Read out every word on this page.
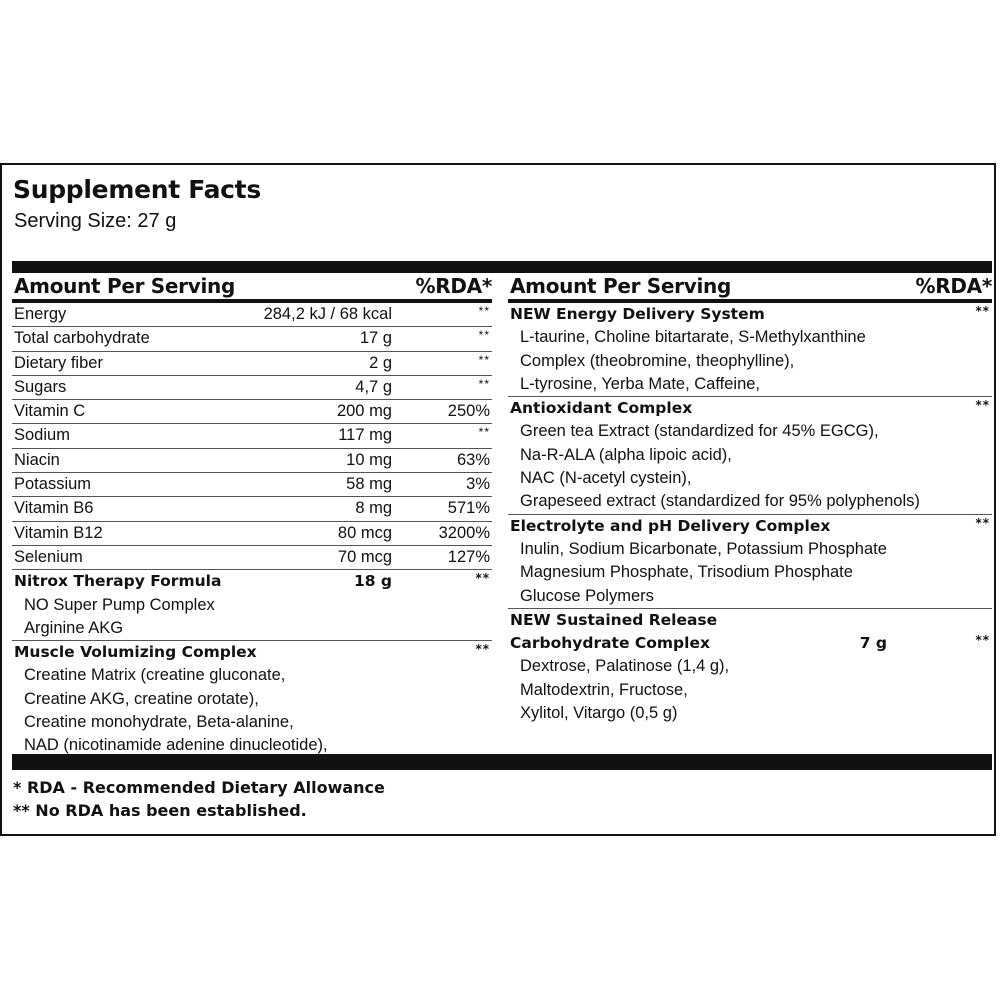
Supplement Facts
Serving Size: 27 g
Amount Per Serving	%RDA*
Energy	284,2 kJ / 68 kcal	**
Total carbohydrate	17 g	**
Dietary fiber	2 g	**
Sugars	4,7 g	**
Vitamin C	200 mg	250%
Sodium	117 mg	**
Niacin	10 mg	63%
Potassium	58 mg	3%
Vitamin B6	8 mg	571%
Vitamin B12	80 mcg	3200%
Selenium	70 mcg	127%
Nitrox Therapy Formula	18 g	**
NO Super Pump Complex
Arginine AKG
Muscle Volumizing Complex	**
Creatine Matrix (creatine gluconate,
Creatine AKG, creatine orotate),
Creatine monohydrate, Beta-alanine,
NAD (nicotinamide adenine dinucleotide),
Amount Per Serving	%RDA*
NEW Energy Delivery System	**
L-taurine, Choline bitartarate, S-Methylxanthine
Complex (theobromine, theophylline),
L-tyrosine, Yerba Mate, Caffeine,
Antioxidant Complex	**
Green tea Extract (standardized for 45% EGCG),
Na-R-ALA (alpha lipoic acid),
NAC (N-acetyl cystein),
Grapeseed extract (standardized for 95% polyphenols)
Electrolyte and pH Delivery Complex	**
Inulin, Sodium Bicarbonate, Potassium Phosphate
Magnesium Phosphate, Trisodium Phosphate
Glucose Polymers
NEW Sustained Release
Carbohydrate Complex	7 g	**
Dextrose, Palatinose (1,4 g),
Maltodextrin, Fructose,
Xylitol, Vitargo (0,5 g)
* RDA - Recommended Dietary Allowance
** No RDA has been established.
